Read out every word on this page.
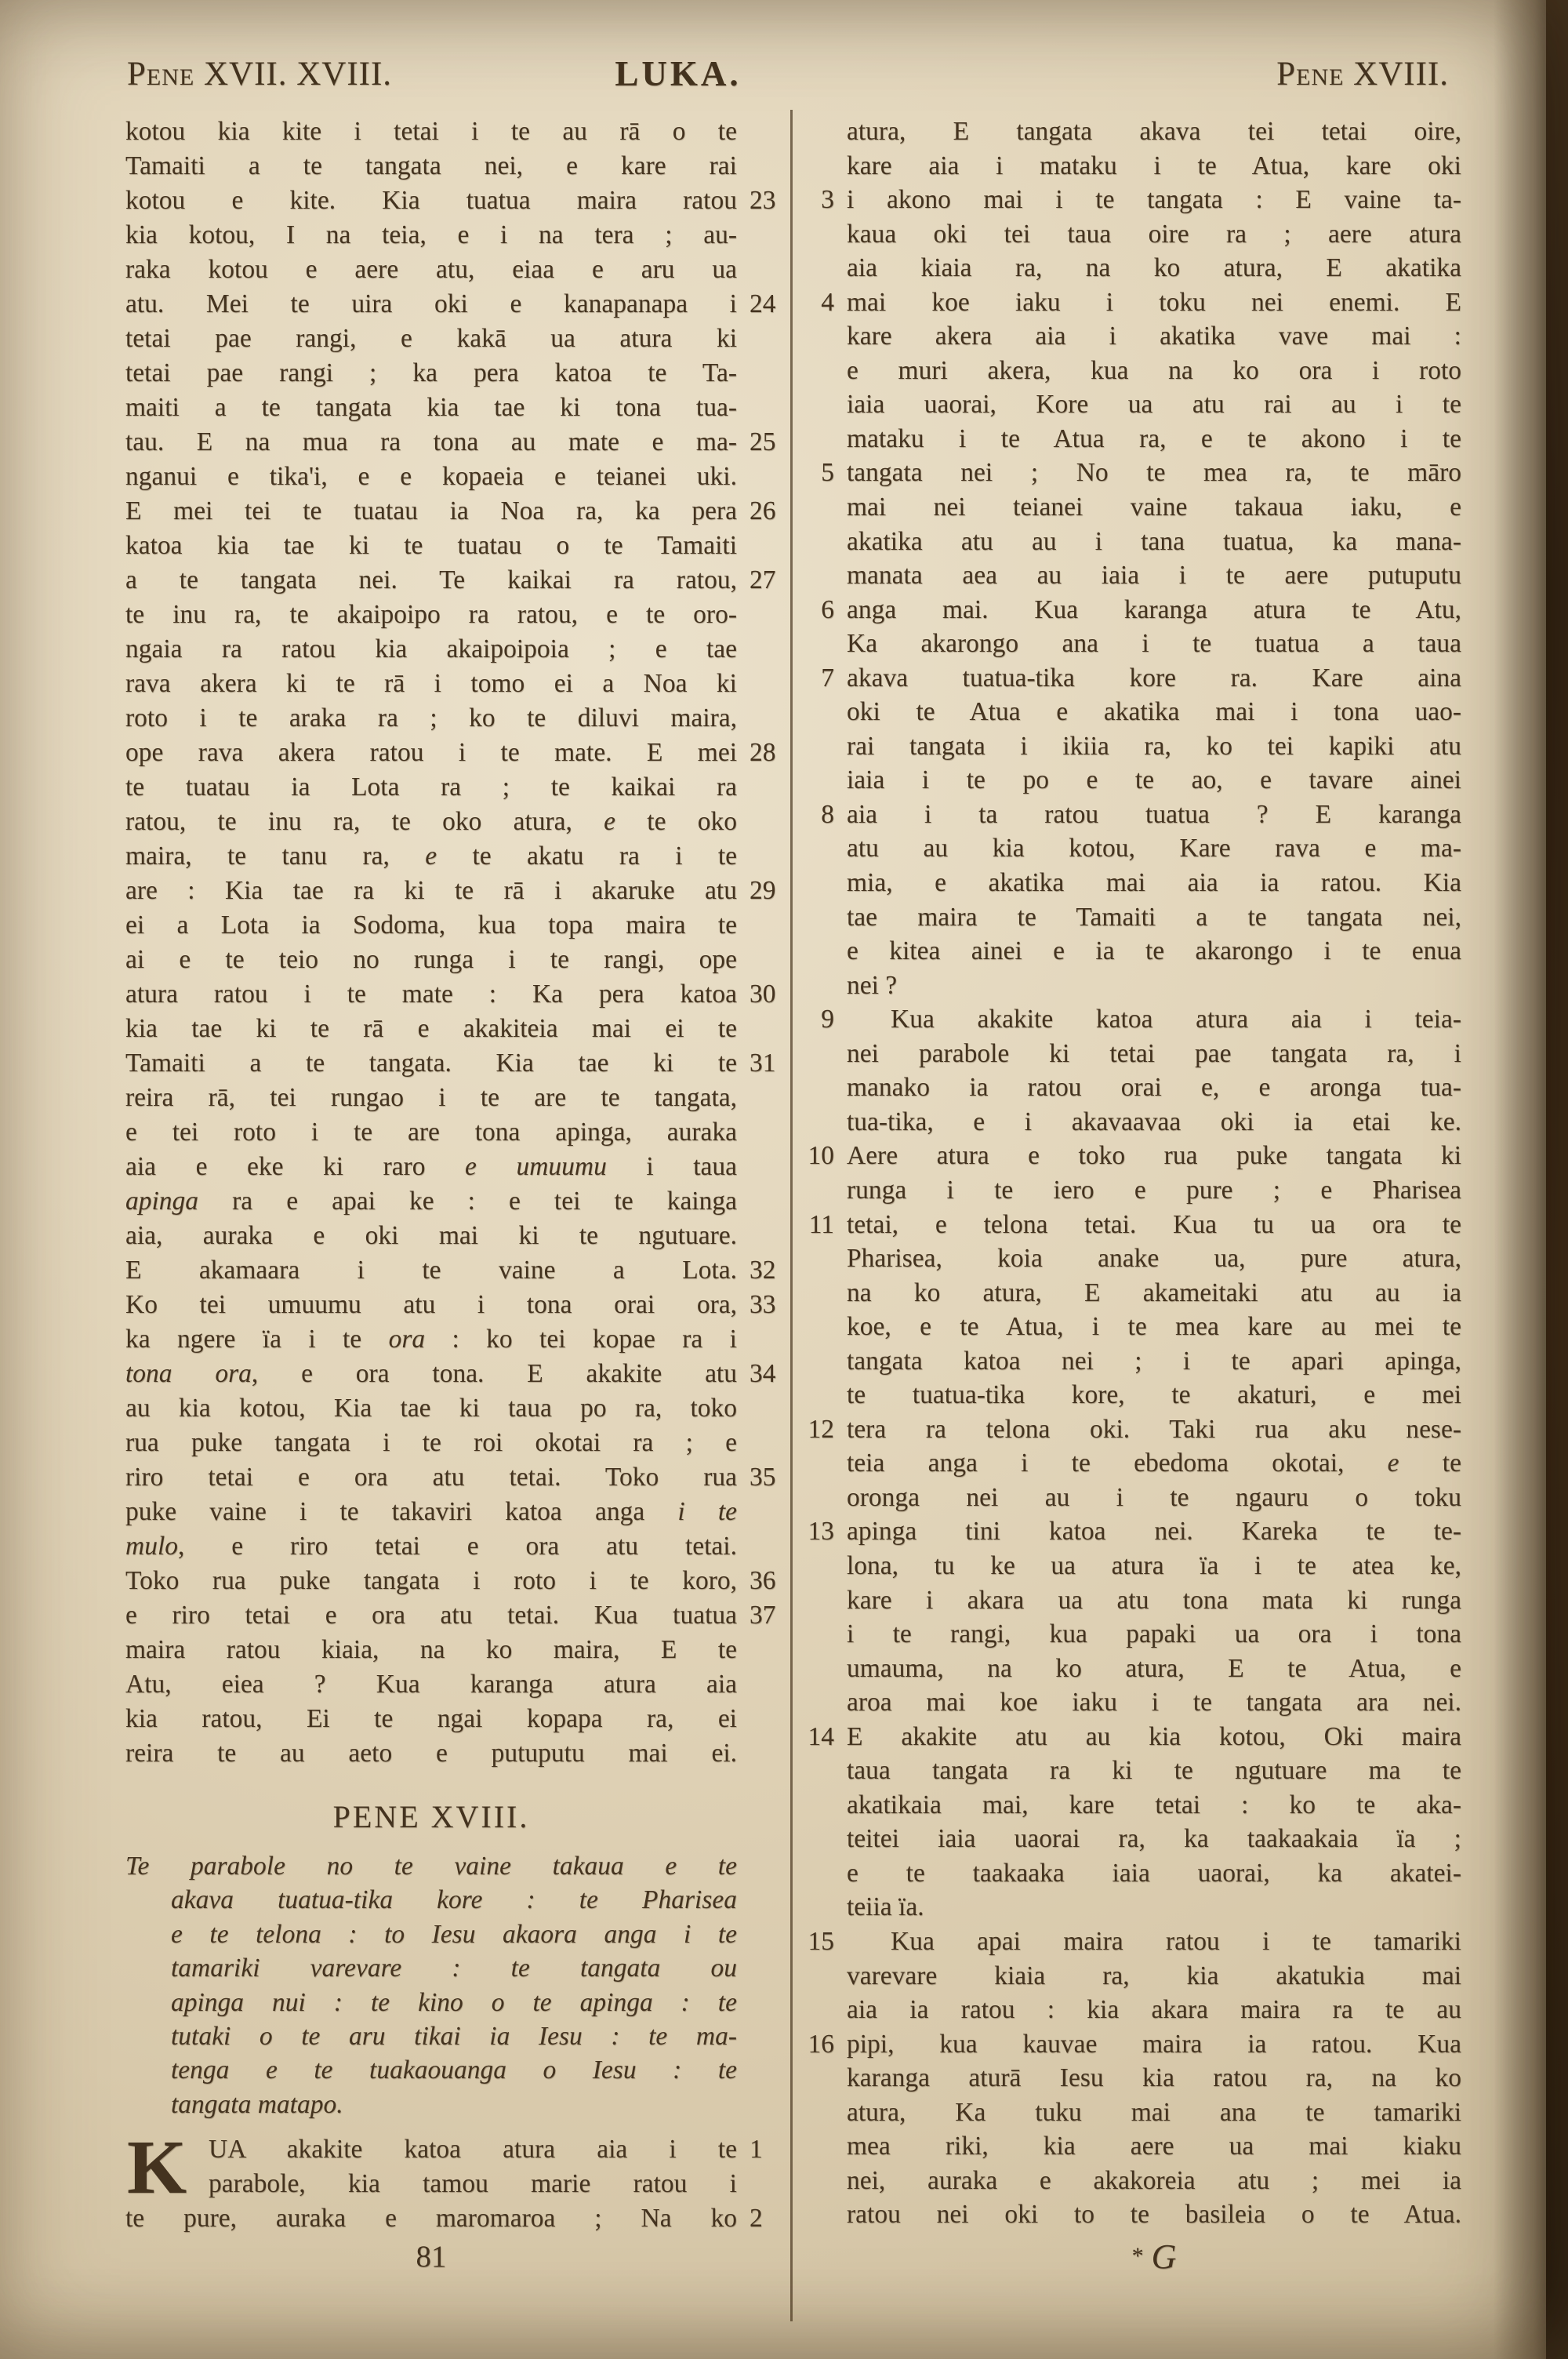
Pene XVII. XVIII.	LUKA.	Pene XVIII.
kotou kia kite i tetai i te au rā o te
Tamaiti a te tangata nei, e kare rai
kotou e kite. Kia tuatua maira ratou 23
kia kotou, I na teia, e i na tera ; au-
raka kotou e aere atu, eiaa e aru ua
atu. Mei te uira oki e kanapanapa i 24
tetai pae rangi, e kakā ua atura ki
tetai pae rangi ; ka pera katoa te Ta-
maiti a te tangata kia tae ki tona tua-
tau. E na mua ra tona au mate e ma- 25
nganui e tika'i, e e kopaeia e teianei uki.
E mei tei te tuatau ia Noa ra, ka pera 26
katoa kia tae ki te tuatau o te Tamaiti
a te tangata nei. Te kaikai ra ratou, 27
te inu ra, te akaipoipo ra ratou, e te oro-
ngaia ra ratou kia akaipoipoia ; e tae
rava akera ki te rā i tomo ei a Noa ki
roto i te araka ra ; ko te diluvi maira,
ope rava akera ratou i te mate. E mei 28
te tuatau ia Lota ra ; te kaikai ra
ratou, te inu ra, te oko atura, e te oko
maira, te tanu ra, e te akatu ra i te
are : Kia tae ra ki te rā i akaruke atu 29
ei a Lota ia Sodoma, kua topa maira te
ai e te teio no runga i te rangi, ope
atura ratou i te mate : Ka pera katoa 30
kia tae ki te rā e akakiteia mai ei te
Tamaiti a te tangata. Kia tae ki te 31
reira rā, tei rungao i te are te tangata,
e tei roto i te are tona apinga, auraka
aia e eke ki raro e umuumu i taua
apinga ra e apai ke : e tei te kainga
aia, auraka e oki mai ki te ngutuare.
E akamaara i te vaine a Lota. 32
Ko tei umuumu atu i tona orai ora, 33
ka ngere ïa i te ora : ko tei kopae ra i
tona ora, e ora tona. E akakite atu 34
au kia kotou, Kia tae ki taua po ra, toko
rua puke tangata i te roi okotai ra ; e
riro tetai e ora atu tetai. Toko rua 35
puke vaine i te takaviri katoa anga i te
mulo, e riro tetai e ora atu tetai.
Toko rua puke tangata i roto i te koro, 36
e riro tetai e ora atu tetai. Kua tuatua 37
maira ratou kiaia, na ko maira, E te
Atu, eiea ? Kua karanga atura aia
kia ratou, Ei te ngai kopapa ra, ei
reira te au aeto e putuputu mai ei.
PENE XVIII.
Te parabole no te vaine takaua e te
akava tuatua-tika kore : te Pharisea
e te telona : to Iesu akaora anga i te
tamariki varevare : te tangata ou
apinga nui : te kino o te apinga : te
tutaki o te aru tikai ia Iesu : te ma-
tenga e te tuakaouanga o Iesu : te
tangata matapo.
K UA akakite katoa atura aia i te 1
parabole, kia tamou marie ratou i
te pure, auraka e maromaroa ; Na ko 2
81
atura, E tangata akava tei tetai oire,
kare aia i mataku i te Atua, kare oki
3 i akono mai i te tangata : E vaine ta-
kaua oki tei taua oire ra ; aere atura
aia kiaia ra, na ko atura, E akatika
4 mai koe iaku i toku nei enemi. E
kare akera aia i akatika vave mai :
e muri akera, kua na ko ora i roto
iaia uaorai, Kore ua atu rai au i te
mataku i te Atua ra, e te akono i te
5 tangata nei ; No te mea ra, te māro
mai nei teianei vaine takaua iaku, e
akatika atu au i tana tuatua, ka mana-
manata aea au iaia i te aere putuputu
6 anga mai. Kua karanga atura te Atu,
Ka akarongo ana i te tuatua a taua
7 akava tuatua-tika kore ra. Kare aina
oki te Atua e akatika mai i tona uao-
rai tangata i ikiia ra, ko tei kapiki atu
iaia i te po e te ao, e tavare ainei
8 aia i ta ratou tuatua ? E karanga
atu au kia kotou, Kare rava e ma-
mia, e akatika mai aia ia ratou. Kia
tae maira te Tamaiti a te tangata nei,
e kitea ainei e ia te akarongo i te enua
nei ?
9	Kua akakite katoa atura aia i teia-
nei parabole ki tetai pae tangata ra, i
manako ia ratou orai e, e aronga tua-
tua-tika, e i akavaavaa oki ia etai ke.
10 Aere atura e toko rua puke tangata ki
runga i te iero e pure ; e Pharisea
11 tetai, e telona tetai. Kua tu ua ora te
Pharisea, koia anake ua, pure atura,
na ko atura, E akameitaki atu au ia
koe, e te Atua, i te mea kare au mei te
tangata katoa nei ; i te apari apinga,
te tuatua-tika kore, te akaturi, e mei
12 tera ra telona oki. Taki rua aku nese-
teia anga i te ebedoma okotai, e te
oronga nei au i te ngauru o toku
13 apinga tini katoa nei. Kareka te te-
lona, tu ke ua atura ïa i te atea ke,
kare i akara ua atu tona mata ki runga
i te rangi, kua papaki ua ora i tona
umauma, na ko atura, E te Atua, e
aroa mai koe iaku i te tangata ara nei.
14 E akakite atu au kia kotou, Oki maira
taua tangata ra ki te ngutuare ma te
akatikaia mai, kare tetai : ko te aka-
teitei iaia uaorai ra, ka taakaakaia ïa ;
e te taakaaka iaia uaorai, ka akatei-
teiia ïa.
15	Kua apai maira ratou i te tamariki
varevare kiaia ra, kia akatukia mai
aia ia ratou : kia akara maira ra te au
16 pipi, kua kauvae maira ia ratou. Kua
karanga aturā Iesu kia ratou ra, na ko
atura, Ka tuku mai ana te tamariki
mea riki, kia aere ua mai kiaku
nei, auraka e akakoreia atu ; mei ia
ratou nei oki to te basileia o te Atua.
* G
